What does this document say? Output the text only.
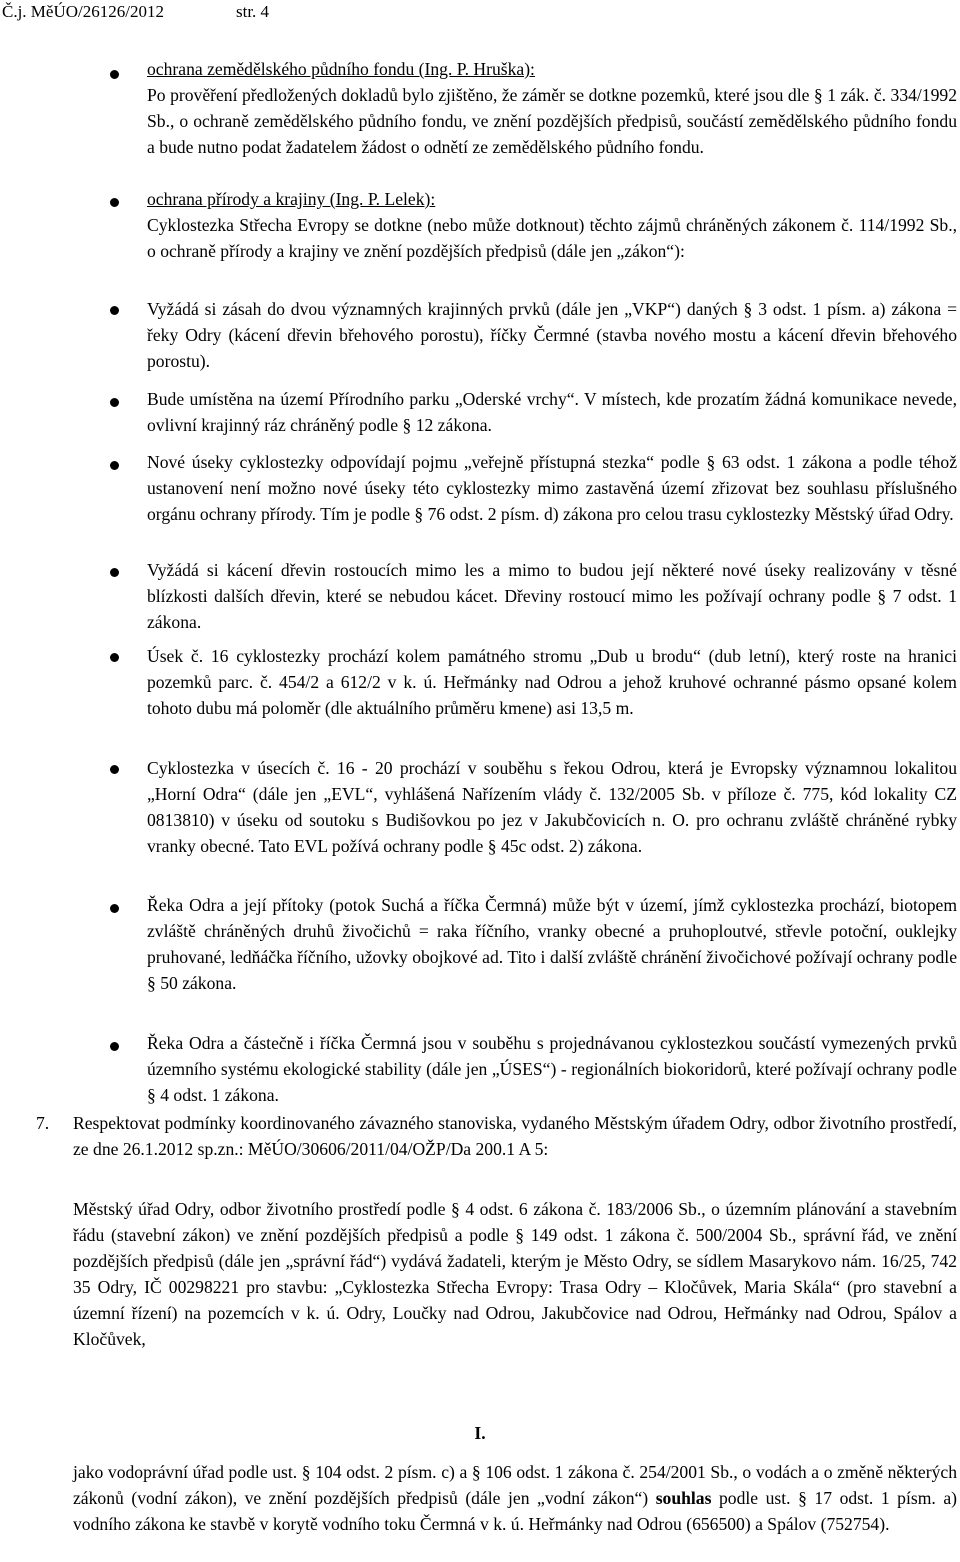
Č.j. MěÚO/26126/2012	str. 4

ochrana zemědělského půdního fondu (Ing. P. Hruška):

Po prověření předložených dokladů bylo zjištěno, že záměr se dotkne pozemků, které jsou dle § 1 zák. č. 334/1992 Sb., o ochraně zemědělského půdního fondu, ve znění pozdějších předpisů, součástí zemědělského půdního fondu a bude nutno podat žadatelem žádost o odnětí ze zemědělského půdního fondu.

ochrana přírody a krajiny (Ing. P. Lelek):

Cyklostezka Střecha Evropy se dotkne (nebo může dotknout) těchto zájmů chráněných zákonem č. 114/1992 Sb., o ochraně přírody a krajiny ve znění pozdějších předpisů (dále jen „zákon“):

Vyžádá si zásah do dvou významných krajinných prvků (dále jen „VKP“) daných § 3 odst. 1 písm. a) zákona = řeky Odry (kácení dřevin břehového porostu), říčky Čermné (stavba nového mostu a kácení dřevin břehového porostu).
Bude umístěna na území Přírodního parku „Oderské vrchy“. V místech, kde prozatím žádná komunikace nevede, ovlivní krajinný ráz chráněný podle § 12 zákona.
Nové úseky cyklostezky odpovídají pojmu „veřejně přístupná stezka“ podle § 63 odst. 1 zákona a podle téhož ustanovení není možno nové úseky této cyklostezky mimo zastavěná území zřizovat bez souhlasu příslušného orgánu ochrany přírody. Tím je podle § 76 odst. 2 písm. d) zákona pro celou trasu cyklostezky Městský úřad Odry.
Vyžádá si kácení dřevin rostoucích mimo les a mimo to budou její některé nové úseky realizovány v těsné blízkosti dalších dřevin, které se nebudou kácet. Dřeviny rostoucí mimo les požívají ochrany podle § 7 odst. 1 zákona.
Úsek č. 16 cyklostezky prochází kolem památného stromu „Dub u brodu“ (dub letní), který roste na hranici pozemků parc. č. 454/2 a 612/2 v k. ú. Heřmánky nad Odrou a jehož kruhové ochranné pásmo opsané kolem tohoto dubu má poloměr (dle aktuálního průměru kmene) asi 13,5 m.
Cyklostezka v úsecích č. 16 - 20 prochází v souběhu s řekou Odrou, která je Evropsky významnou lokalitou „Horní Odra“ (dále jen „EVL“, vyhlášená Nařízením vlády č. 132/2005 Sb. v příloze č. 775, kód lokality CZ 0813810) v úseku od soutoku s Budišovkou po jez v Jakubčovicích n. O. pro ochranu zvláště chráněné rybky vranky obecné. Tato EVL požívá ochrany podle § 45c odst. 2) zákona.
Řeka Odra a její přítoky (potok Suchá a říčka Čermná) může být v území, jímž cyklostezka prochází, biotopem zvláště chráněných druhů živočichů = raka říčního, vranky obecné a pruhoploutvé, střevle potoční, ouklejky pruhované, ledňáčka říčního, užovky obojkové ad. Tito i další zvláště chránění živočichové požívají ochrany podle § 50 zákona.
Řeka Odra a částečně i říčka Čermná jsou v souběhu s projednávanou cyklostezkou součástí vymezených prvků územního systému ekologické stability (dále jen „ÚSES“) - regionálních biokoridorů, které požívají ochrany podle § 4 odst. 1 zákona.
7. Respektovat podmínky koordinovaného závazného stanoviska, vydaného Městským úřadem Odry, odbor životního prostředí, ze dne 26.1.2012 sp.zn.: MěÚO/30606/2011/04/OŽP/Da 200.1 A 5:
Městský úřad Odry, odbor životního prostředí podle § 4 odst. 6 zákona č. 183/2006 Sb., o územním plánování a stavebním řádu (stavební zákon) ve znění pozdějších předpisů a podle § 149 odst. 1 zákona č. 500/2004 Sb., správní řád, ve znění pozdějších předpisů (dále jen „správní řád“) vydává žadateli, kterým je Město Odry, se sídlem Masarykovo nám. 16/25, 742 35 Odry, IČ 00298221 pro stavbu: „Cyklostezka Střecha Evropy: Trasa Odry – Kločůvek, Maria Skála“ (pro stavební a územní řízení) na pozemcích v k. ú. Odry, Loučky nad Odrou, Jakubčovice nad Odrou, Heřmánky nad Odrou, Spálov a Kločůvek,
I.
jako vodoprávní úřad podle ust. § 104 odst. 2 písm. c) a § 106 odst. 1 zákona č. 254/2001 Sb., o vodách a o změně některých zákonů (vodní zákon), ve znění pozdějších předpisů (dále jen „vodní zákon“) souhlas podle ust. § 17 odst. 1 písm. a) vodního zákona ke stavbě v korytě vodního toku Čermná v k. ú. Heřmánky nad Odrou (656500) a Spálov (752754).
